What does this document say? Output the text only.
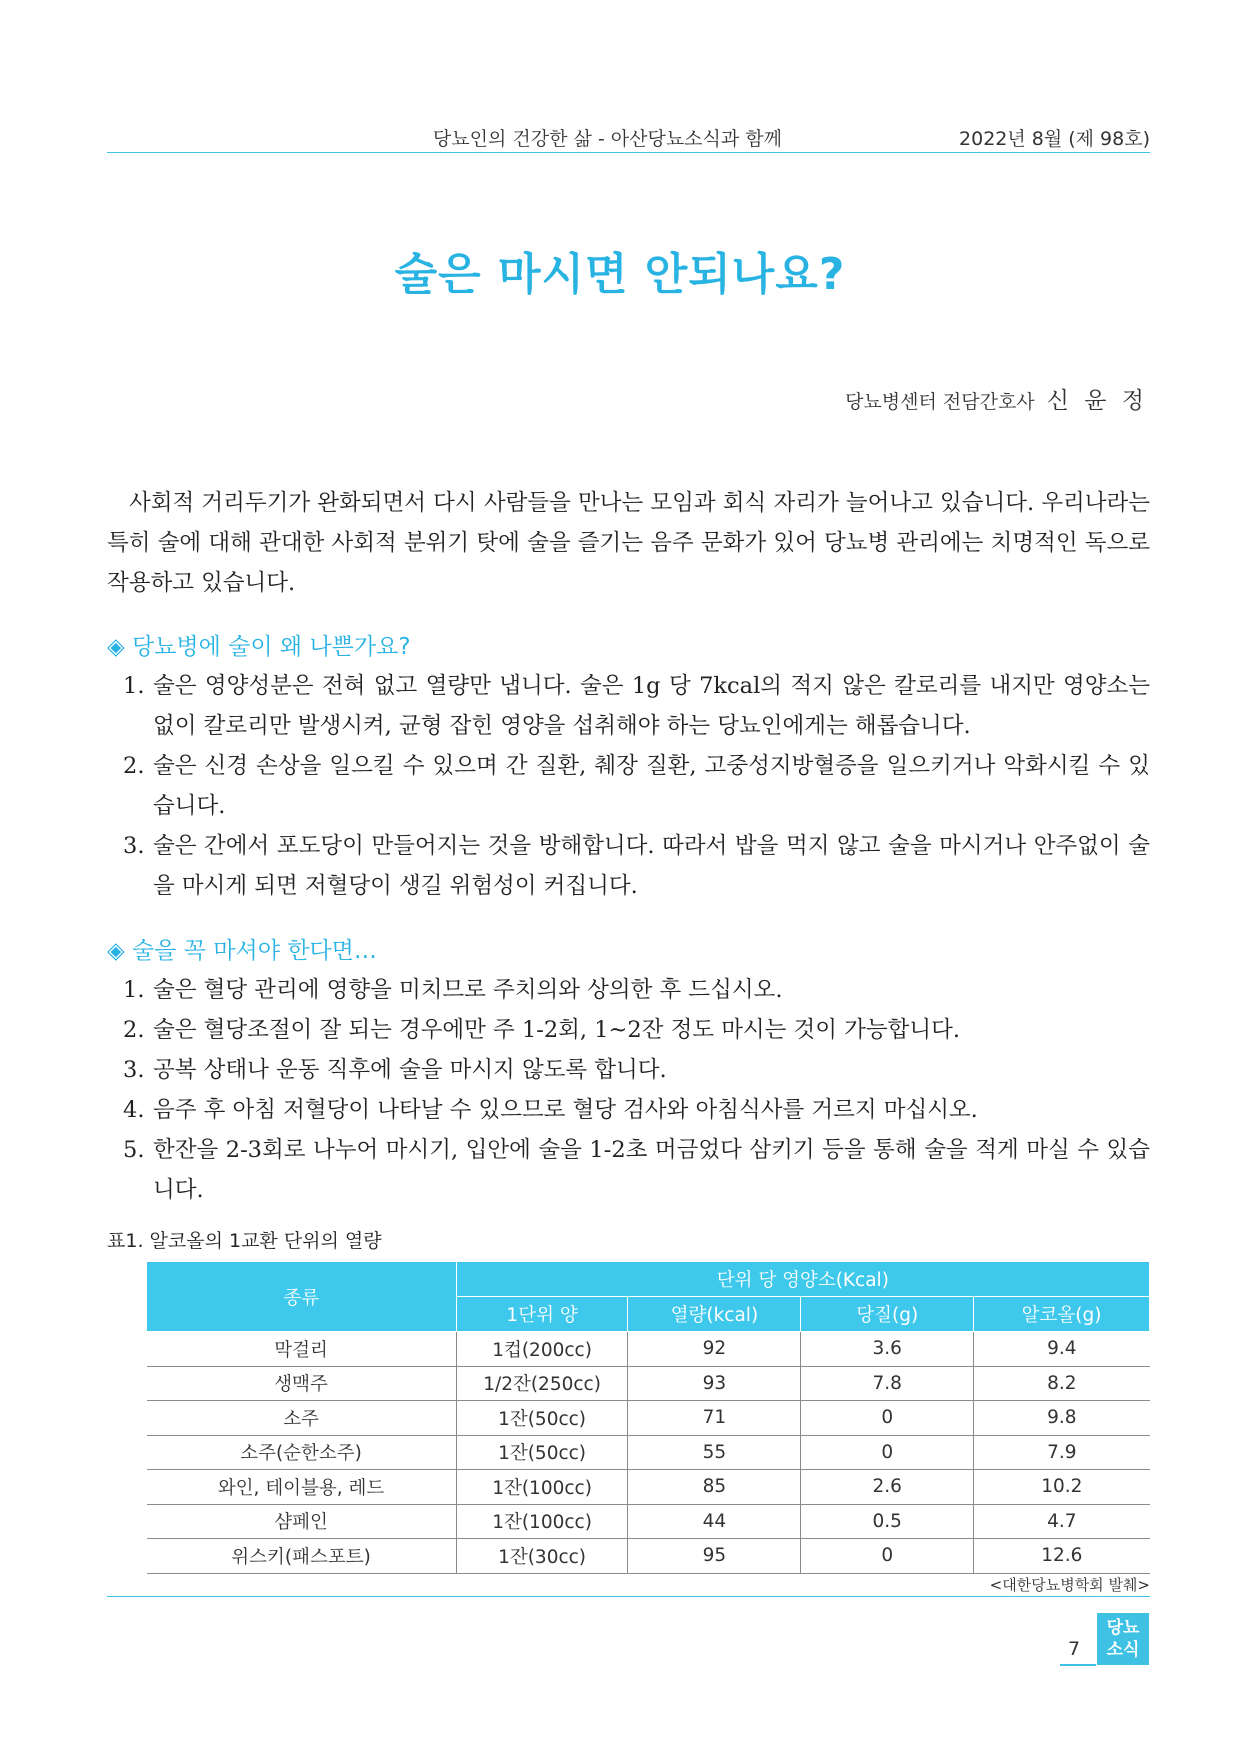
당뇨인의 건강한 삶 - 아산당뇨소식과 함께	2022년 8월 (제 98호)
술은 마시면 안되나요?
당뇨병센터 전담간호사 신 윤 정

사회적 거리두기가 완화되면서 다시 사람들을 만나는 모임과 회식 자리가 늘어나고 있습니다. 우리나라는 특히 술에 대해 관대한 사회적 분위기 탓에 술을 즐기는 음주 문화가 있어 당뇨병 관리에는 치명적인 독으로 작용하고 있습니다.

◈ 당뇨병에 술이 왜 나쁜가요?
1. 술은 영양성분은 전혀 없고 열량만 냅니다. 술은 1g 당 7kcal의 적지 않은 칼로리를 내지만 영양소는 없이 칼로리만 발생시켜, 균형 잡힌 영양을 섭취해야 하는 당뇨인에게는 해롭습니다.
2. 술은 신경 손상을 일으킬 수 있으며 간 질환, 췌장 질환, 고중성지방혈증을 일으키거나 악화시킬 수 있습니다.
3. 술은 간에서 포도당이 만들어지는 것을 방해합니다. 따라서 밥을 먹지 않고 술을 마시거나 안주없이 술을 마시게 되면 저혈당이 생길 위험성이 커집니다.
◈ 술을 꼭 마셔야 한다면…
1. 술은 혈당 관리에 영향을 미치므로 주치의와 상의한 후 드십시오.
2. 술은 혈당조절이 잘 되는 경우에만 주 1-2회, 1~2잔 정도 마시는 것이 가능합니다.
3. 공복 상태나 운동 직후에 술을 마시지 않도록 합니다.
4. 음주 후 아침 저혈당이 나타날 수 있으므로 혈당 검사와 아침식사를 거르지 마십시오.
5. 한잔을 2-3회로 나누어 마시기, 입안에 술을 1-2초 머금었다 삼키기 등을 통해 술을 적게 마실 수 있습니다.
표1. 알코올의 1교환 단위의 열량
종류	단위 당 영양소(Kcal)			
	1단위 양	열량(kcal)	당질(g)	알코올(g)
막걸리	1컵(200cc)	92	3.6	9.4
생맥주	1/2잔(250cc)	93	7.8	8.2
소주	1잔(50cc)	71	0	9.8
소주(순한소주)	1잔(50cc)	55	0	7.9
와인, 테이블용, 레드	1잔(100cc)	85	2.6	10.2
샴페인	1잔(100cc)	44	0.5	4.7
위스키(패스포트)	1잔(30cc)	95	0	12.6
<대한당뇨병학회 발췌>
7
당뇨
소식
